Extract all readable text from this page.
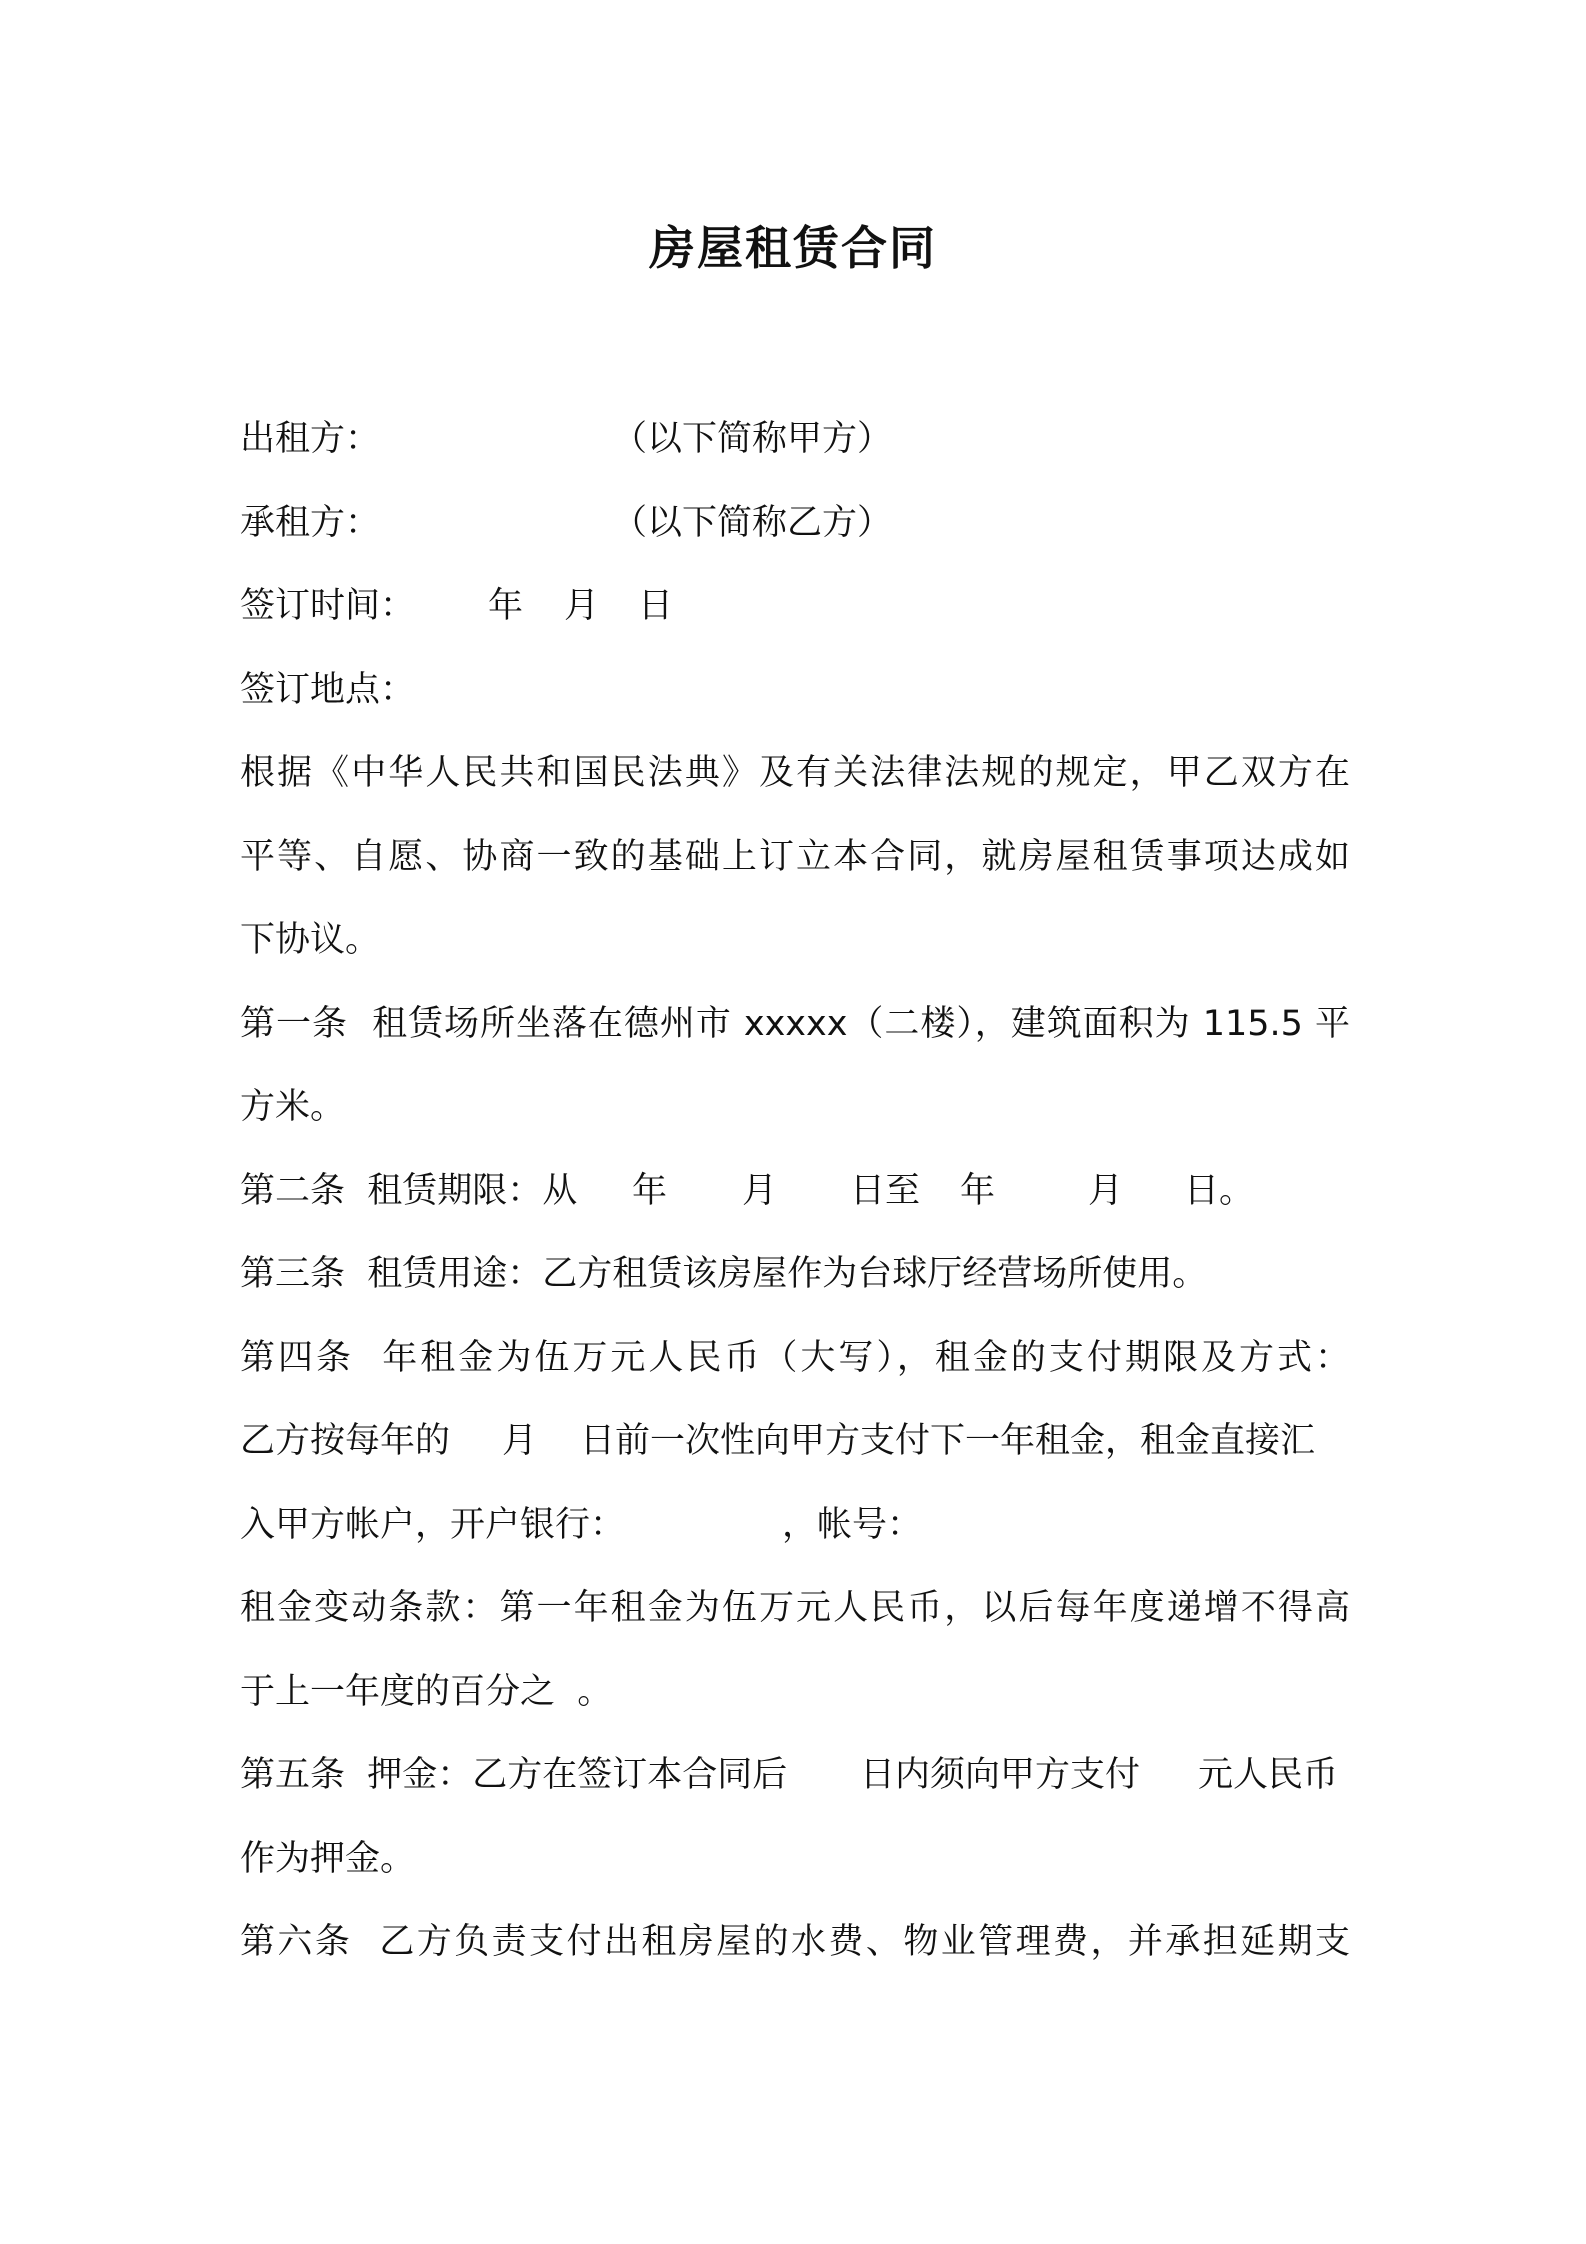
房屋租赁合同
出租方：	（以下简称甲方）
承租方：	（以下简称乙方）
签订时间：	年	月	日
签订地点：
根据《中华人民共和国民法典》及有关法律法规的规定，甲乙双方在
平等、自愿、协商一致的基础上订立本合同，就房屋租赁事项达成如
下协议。
第一条  租赁场所坐落在德州市 xxxxx（二楼），建筑面积为 115.5 平
方米。
第二条  租赁期限：从	年	月	日至	年	月	日。
第三条  租赁用途：乙方租赁该房屋作为台球厅经营场所使用。
第四条  年租金为伍万元人民币（大写），租金的支付期限及方式：
乙方按每年的	月	日前一次性向甲方支付下一年租金，租金直接汇
入甲方帐户，开户银行：	，帐号：
租金变动条款：第一年租金为伍万元人民币，以后每年度递增不得高
于上一年度的百分之  。
第五条  押金：乙方在签订本合同后	日内须向甲方支付	元人民币
作为押金。
第六条  乙方负责支付出租房屋的水费、物业管理费，并承担延期支
